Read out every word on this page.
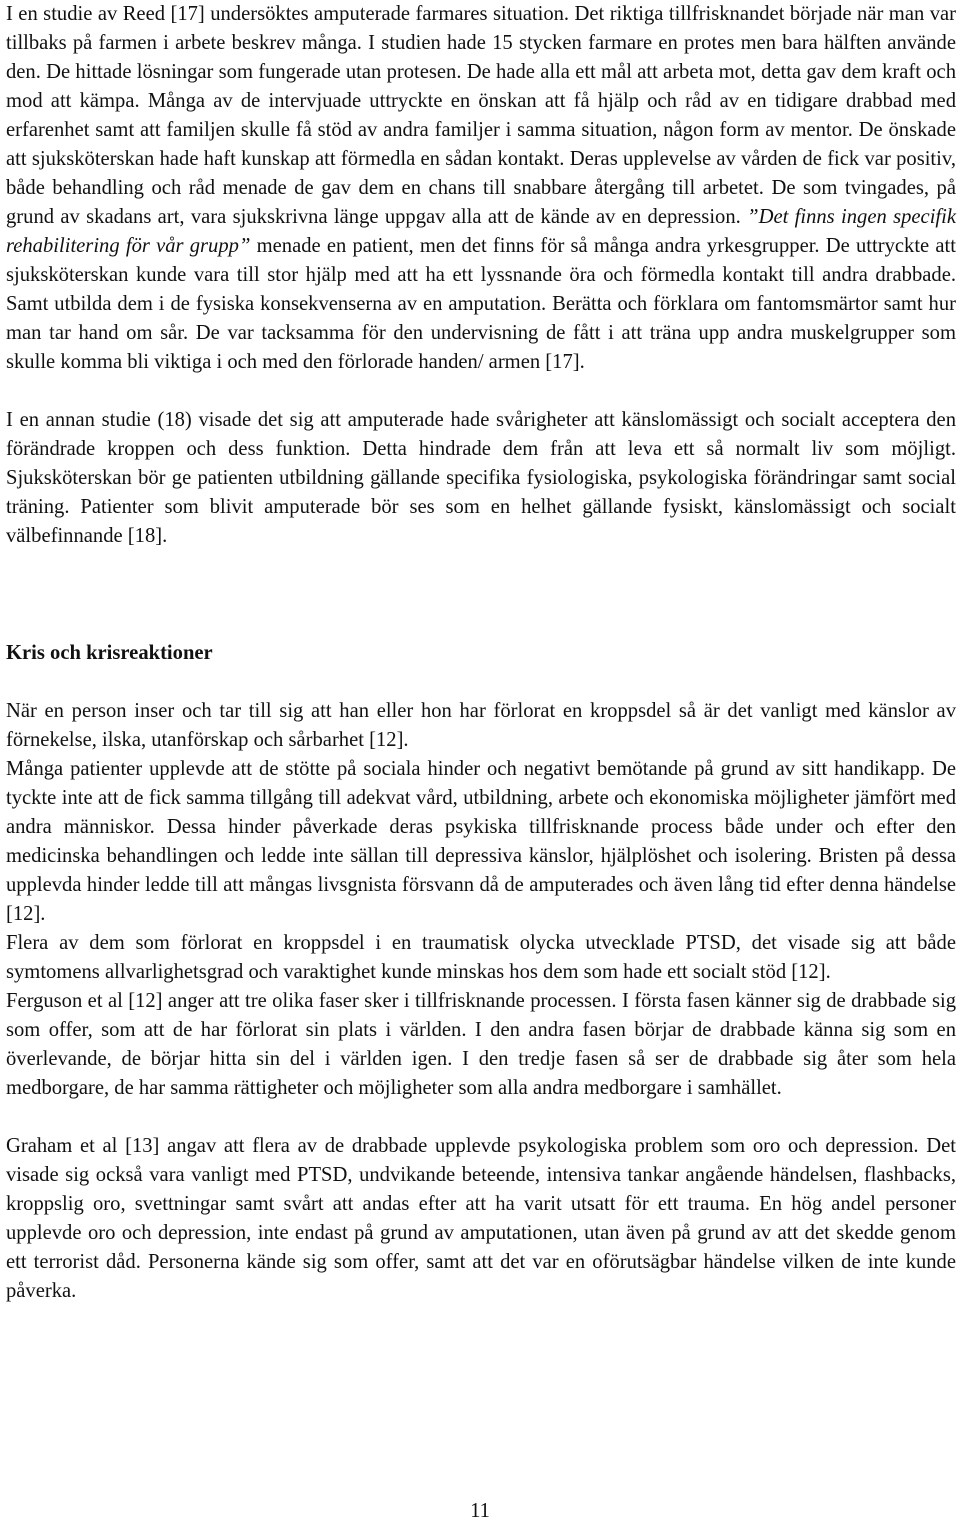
I en studie av Reed [17] undersöktes amputerade farmares situation. Det riktiga tillfrisknandet började när man var tillbaks på farmen i arbete beskrev många. I studien hade 15 stycken farmare en protes men bara hälften använde den. De hittade lösningar som fungerade utan protesen. De hade alla ett mål att arbeta mot, detta gav dem kraft och mod att kämpa. Många av de intervjuade uttryckte en önskan att få hjälp och råd av en tidigare drabbad med erfarenhet samt att familjen skulle få stöd av andra familjer i samma situation, någon form av mentor. De önskade att sjuksköterskan hade haft kunskap att förmedla en sådan kontakt. Deras upplevelse av vården de fick var positiv, både behandling och råd menade de gav dem en chans till snabbare återgång till arbetet. De som tvingades, på grund av skadans art, vara sjukskrivna länge uppgav alla att de kände av en depression. ”Det finns ingen specifik rehabilitering för vår grupp” menade en patient, men det finns för så många andra yrkesgrupper. De uttryckte att sjuksköterskan kunde vara till stor hjälp med att ha ett lyssnande öra och förmedla kontakt till andra drabbade. Samt utbilda dem i de fysiska konsekvenserna av en amputation. Berätta och förklara om fantomsmärtor samt hur man tar hand om sår. De var tacksamma för den undervisning de fått i att träna upp andra muskelgrupper som skulle komma bli viktiga i och med den förlorade handen/ armen [17].

I en annan studie (18) visade det sig att amputerade hade svårigheter att känslomässigt och socialt acceptera den förändrade kroppen och dess funktion. Detta hindrade dem från att leva ett så normalt liv som möjligt. Sjuksköterskan bör ge patienten utbildning gällande specifika fysiologiska, psykologiska förändringar samt social träning. Patienter som blivit amputerade bör ses som en helhet gällande fysiskt, känslomässigt och socialt välbefinnande [18].

Kris och krisreaktioner

När en person inser och tar till sig att han eller hon har förlorat en kroppsdel så är det vanligt med känslor av förnekelse, ilska, utanförskap och sårbarhet [12].

Många patienter upplevde att de stötte på sociala hinder och negativt bemötande på grund av sitt handikapp. De tyckte inte att de fick samma tillgång till adekvat vård, utbildning, arbete och ekonomiska möjligheter jämfört med andra människor. Dessa hinder påverkade deras psykiska tillfrisknande process både under och efter den medicinska behandlingen och ledde inte sällan till depressiva känslor, hjälplöshet och isolering. Bristen på dessa upplevda hinder ledde till att mångas livsgnista försvann då de amputerades och även lång tid efter denna händelse [12].

Flera av dem som förlorat en kroppsdel i en traumatisk olycka utvecklade PTSD, det visade sig att både symtomens allvarlighetsgrad och varaktighet kunde minskas hos dem som hade ett socialt stöd [12].

Ferguson et al [12] anger att tre olika faser sker i tillfrisknande processen. I första fasen känner sig de drabbade sig som offer, som att de har förlorat sin plats i världen. I den andra fasen börjar de drabbade känna sig som en överlevande, de börjar hitta sin del i världen igen. I den tredje fasen så ser de drabbade sig åter som hela medborgare, de har samma rättigheter och möjligheter som alla andra medborgare i samhället.

Graham et al [13] angav att flera av de drabbade upplevde psykologiska problem som oro och depression. Det visade sig också vara vanligt med PTSD, undvikande beteende, intensiva tankar angående händelsen, flashbacks, kroppslig oro, svettningar samt svårt att andas efter att ha varit utsatt för ett trauma. En hög andel personer upplevde oro och depression, inte endast på grund av amputationen, utan även på grund av att det skedde genom ett terrorist dåd. Personerna kände sig som offer, samt att det var en oförutsägbar händelse vilken de inte kunde påverka.

11
